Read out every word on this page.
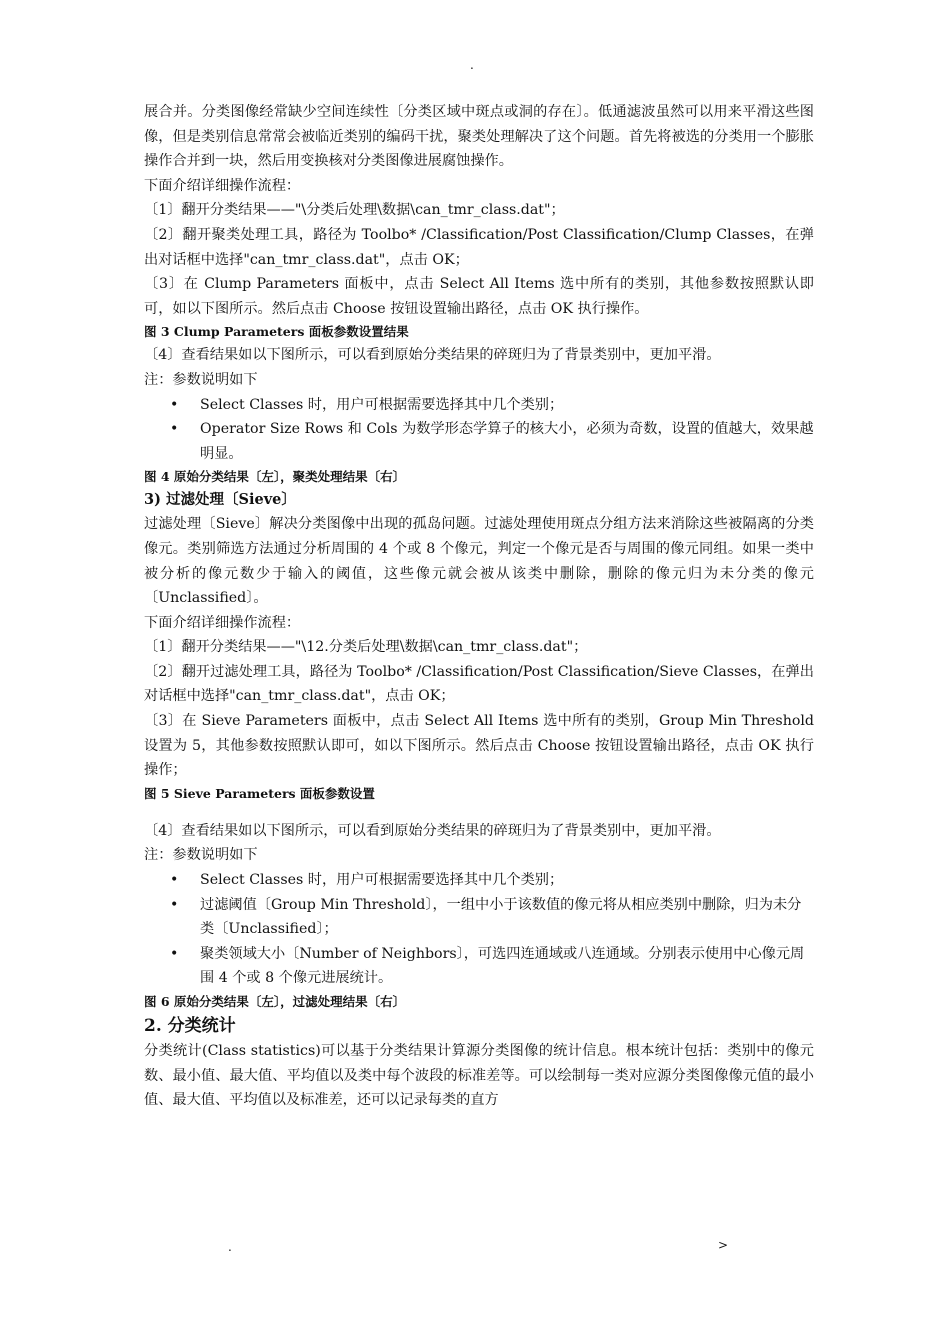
.

展合并。分类图像经常缺少空间连续性〔分类区域中斑点或洞的存在〕。低通滤波虽然可以用来平滑这些图像，但是类别信息常常会被临近类别的编码干扰，聚类处理解决了这个问题。首先将被选的分类用一个膨胀操作合并到一块，然后用变换核对分类图像进展腐蚀操作。

下面介绍详细操作流程：

〔1〕翻开分类结果——"\分类后处理\数据\can_tmr_class.dat"；

〔2〕翻开聚类处理工具，路径为 Toolbo* /Classification/Post Classification/Clump Classes，在弹出对话框中选择"can_tmr_class.dat"，点击 OK；

〔3〕在 Clump Parameters 面板中，点击 Select All Items 选中所有的类别，其他参数按照默认即可，如以下图所示。然后点击 Choose 按钮设置输出路径，点击 OK 执行操作。

图 3 Clump Parameters 面板参数设置结果

〔4〕查看结果如以下图所示，可以看到原始分类结果的碎斑归为了背景类别中，更加平滑。

注：参数说明如下

• Select Classes 时，用户可根据需要选择其中几个类别；
• Operator Size Rows 和 Cols 为数学形态学算子的核大小，必须为奇数，设置的值越大，效果越明显。

图 4 原始分类结果〔左〕，聚类处理结果〔右〕

3) 过滤处理〔Sieve〕

过滤处理〔Sieve〕解决分类图像中出现的孤岛问题。过滤处理使用斑点分组方法来消除这些被隔离的分类像元。类别筛选方法通过分析周围的 4 个或 8 个像元，判定一个像元是否与周围的像元同组。如果一类中被分析的像元数少于输入的阈值，这些像元就会被从该类中删除，删除的像元归为未分类的像元〔Unclassified〕。

下面介绍详细操作流程：

〔1〕翻开分类结果——"\12.分类后处理\数据\can_tmr_class.dat"；

〔2〕翻开过滤处理工具，路径为 Toolbo* /Classification/Post Classification/Sieve Classes，在弹出对话框中选择"can_tmr_class.dat"，点击 OK；

〔3〕在 Sieve Parameters 面板中，点击 Select All Items 选中所有的类别，Group Min Threshold 设置为 5，其他参数按照默认即可，如以下图所示。然后点击 Choose 按钮设置输出路径，点击 OK 执行操作；

图 5 Sieve Parameters 面板参数设置

〔4〕查看结果如以下图所示，可以看到原始分类结果的碎斑归为了背景类别中，更加平滑。

注：参数说明如下

• Select Classes 时，用户可根据需要选择其中几个类别；
• 过滤阈值〔Group Min Threshold〕，一组中小于该数值的像元将从相应类别中删除，归为未分类〔Unclassified〕；
• 聚类领域大小〔Number of Neighbors〕，可选四连通域或八连通域。分别表示使用中心像元周围 4 个或 8 个像元进展统计。

图 6 原始分类结果〔左〕，过滤处理结果〔右〕

2. 分类统计

分类统计(Class statistics)可以基于分类结果计算源分类图像的统计信息。根本统计包括：类别中的像元数、最小值、最大值、平均值以及类中每个波段的标准差等。可以绘制每一类对应源分类图像像元值的最小值、最大值、平均值以及标准差，还可以记录每类的直方

.	>
